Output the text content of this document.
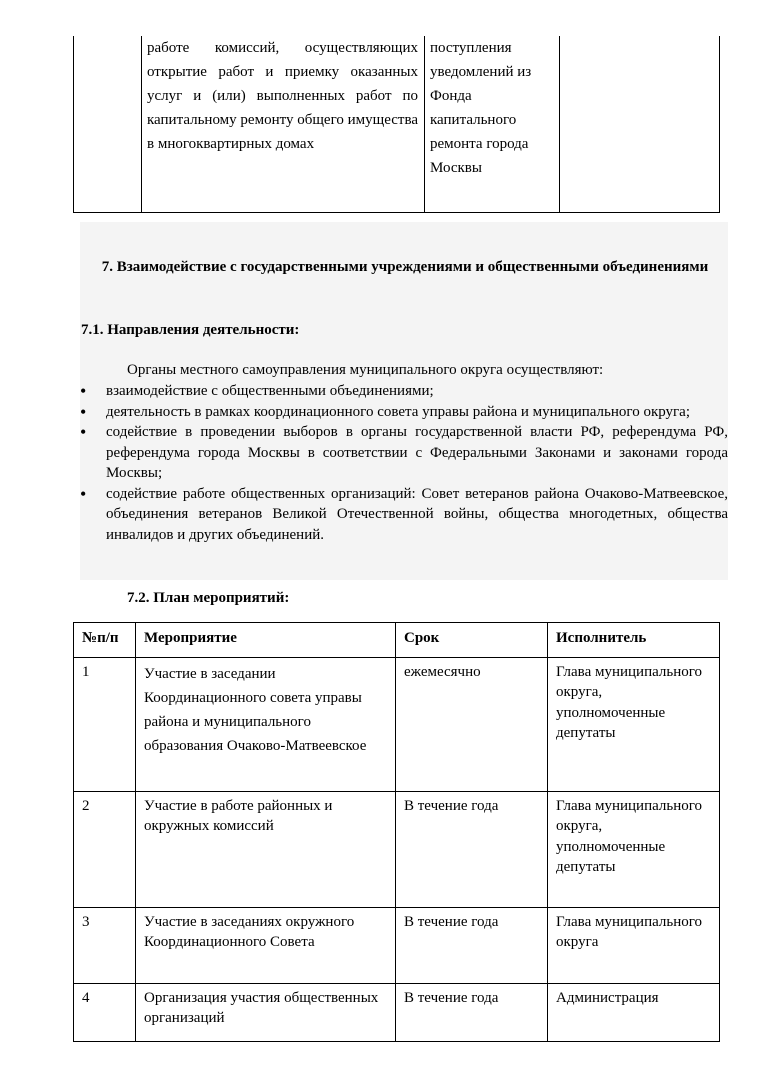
	работе комиссий, осуществляющих открытие работ и приемку оказанных услуг и (или) выполненных работ по капитальному ремонту общего имущества в многоквартирных домах	поступления уведомлений из Фонда капитального ремонта города Москвы	
7. Взаимодействие с государственными учреждениями и общественными объединениями
7.1. Направления деятельности:
Органы местного самоуправления муниципального округа осуществляют:
• взаимодействие с общественными объединениями;
• деятельность в рамках координационного совета управы района и муниципального округа;
• содействие в проведении выборов в органы государственной власти РФ, референдума РФ, референдума города Москвы в соответствии с Федеральными Законами и законами города Москвы;
• содействие работе общественных организаций: Совет ветеранов района Очаково-Матвеевское, объединения ветеранов Великой Отечественной войны, общества многодетных, общества инвалидов и других объединений.
7.2. План мероприятий:
№п/п	Мероприятие	Срок	Исполнитель
1	Участие в заседании Координационного совета управы района и муниципального образования Очаково-Матвеевское	ежемесячно	Глава муниципального округа, уполномоченные депутаты
2	Участие в работе районных и окружных комиссий	В течение года	Глава муниципального округа, уполномоченные депутаты
3	Участие в заседаниях окружного Координационного Совета	В течение года	Глава муниципального округа
4	Организация участия общественных организаций	В течение года	Администрация
